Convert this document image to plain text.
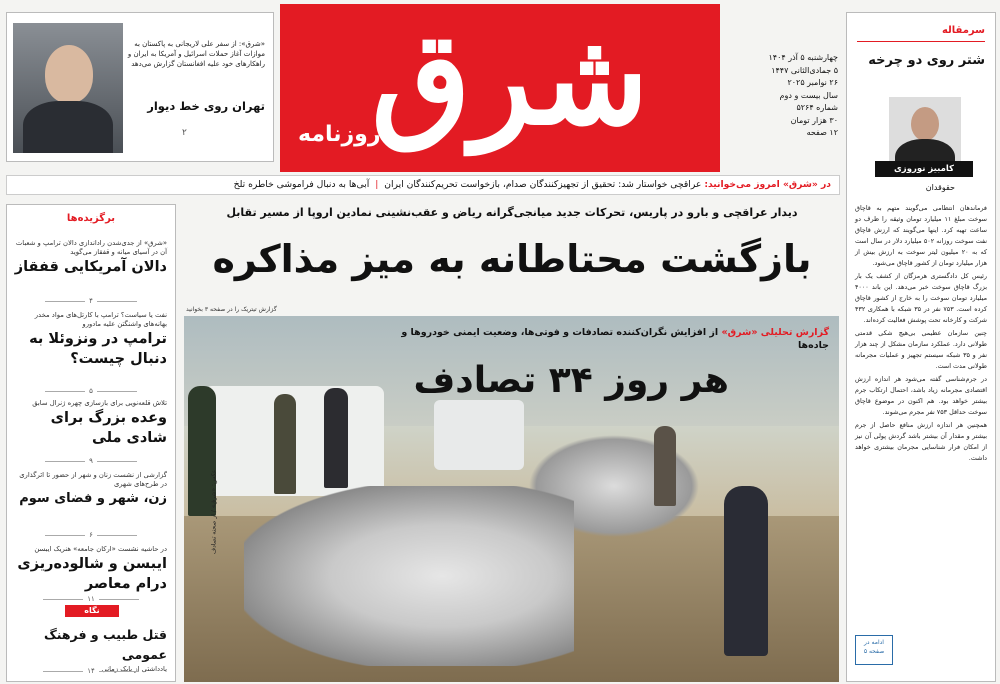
«شرق»: از سفر علی لاریجانی به پاکستان به موازات آغاز حملات اسرائیل و آمریکا به ایران و راهکارهای خود علیه افغانستان گزارش می‌دهد
تهران روی خط دیوار
۲	شرق
روزنامه
چهارشنبه ۵ آذر ۱۴۰۴
۵ جمادی‌الثانی ۱۴۴۷
۲۶ نوامبر ۲۰۲۵
سال بیست و دوم
شماره ۵۲۶۴
۳۰ هزار تومان
۱۲ صفحه
سرمقاله
شتر روی دو چرخه
کامبیز نوروزی
حقوقدان

فرماندهان انتظامی می‌گویند متهم به قاچاق سوخت مبلغ ۱۱ میلیارد تومان وثیقه را ظرف دو ساعت تهیه کرد. اینها می‌گویند که ارزش قاچاق نفت سوخت روزانه ۵۰۲ میلیارد دلار در سال است که به ۲۰ میلیون لیتر سوخت به ارزش بیش از هزار میلیارد تومان از کشور قاچاق می‌شود.

رئیس کل دادگستری هرمزگان از کشف یک بار بزرگ قاچاق سوخت خبر می‌دهد. این باند ۴۰۰۰ میلیارد تومان سوخت را به خارج از کشور قاچاق کرده است. ۷۵۳ نفر در ۳۵ شبکه با همکاری ۴۳۲ شرکت و کارخانه تحت پوشش فعالیت کرده‌اند.

چنین سازمان عظیمی بی‌هیچ شکی قدمتی طولانی دارد. عملکرد سازمان مشکل از چند هزار نفر و ۳۵ شبکه سیستم تجهیز و عملیات مجرمانه طولانی مدت است.

در جرم‌شناسی گفته می‌شود هر اندازه ارزش اقتصادی مجرمانه زیاد باشد، احتمال ارتکاب جرم بیشتر خواهد بود. هم اکنون در موضوع قاچاق سوخت حداقل ۷۵۳ نفر مجرم می‌شوند.

همچنین هر اندازه ارزش منافع حاصل از جرم بیشتر و مقدار آن بیشتر باشد گردش پولی آن نیز از امکان فرار شناسایی مجرمان بیشتری خواهد داشت.

ادامه در صفحه ۵
در «شرق» امروز می‌خوانید: عراقچی خواستار شد: تحقیق از تجهیزکنندگان صدام، بازخواست تحریم‌کنندگان ایران | آبی‌ها به دنبال فراموشی خاطره تلخ
برگزیده‌ها
«شرق» از جدی‌شدن رادانداز‌ی دالان ترامپ و شعبات آن در آسیای میانه و قفقاز می‌گوید
دالان آمریکایی قفقاز
۴
نفت یا سیاست؟ ترامپ با کارتل‌های مواد مخدر بهانه‌های واشنگتن علیه مادورو
ترامپ در ونزوئلا به دنبال چیست؟
۵
تلاش قلعه‌نویی برای بازسازی چهره ژنرال سابق
وعده بزرگ برای شادی ملی
۹
گزارشی از نشست زنان و شهر از حضور تا اثرگذاری در طرح‌های شهری
زن، شهر و فضای سوم
۶
در حاشیه نشست «ارکان جامعه» هنریک ایبسن
ایبسن و شالوده‌ریزی درام معاصر
۱۱
نگاه
قتل طبیب و فرهنگ عمومی
یادداشتی از بابک زمانی
۱۴
دیدار عراقچی و بارو در پاریس، تحرکات جدید میانجی‌گرانه ریاض و عقب‌نشینی نمادین اروپا از مسیر تقابل
بازگشت محتاطانه به میز مذاکره
گزارش تیتریک را در صفحه ۳ بخوانید
گزارش تحلیلی «شرق» از افزایش نگران‌کننده تصادفات و فوتی‌ها، وضعیت ایمنی خودروها و جاده‌ها
هر روز ۳۴ تصادف
عکس: «شرق» / از صحنه تصادف
